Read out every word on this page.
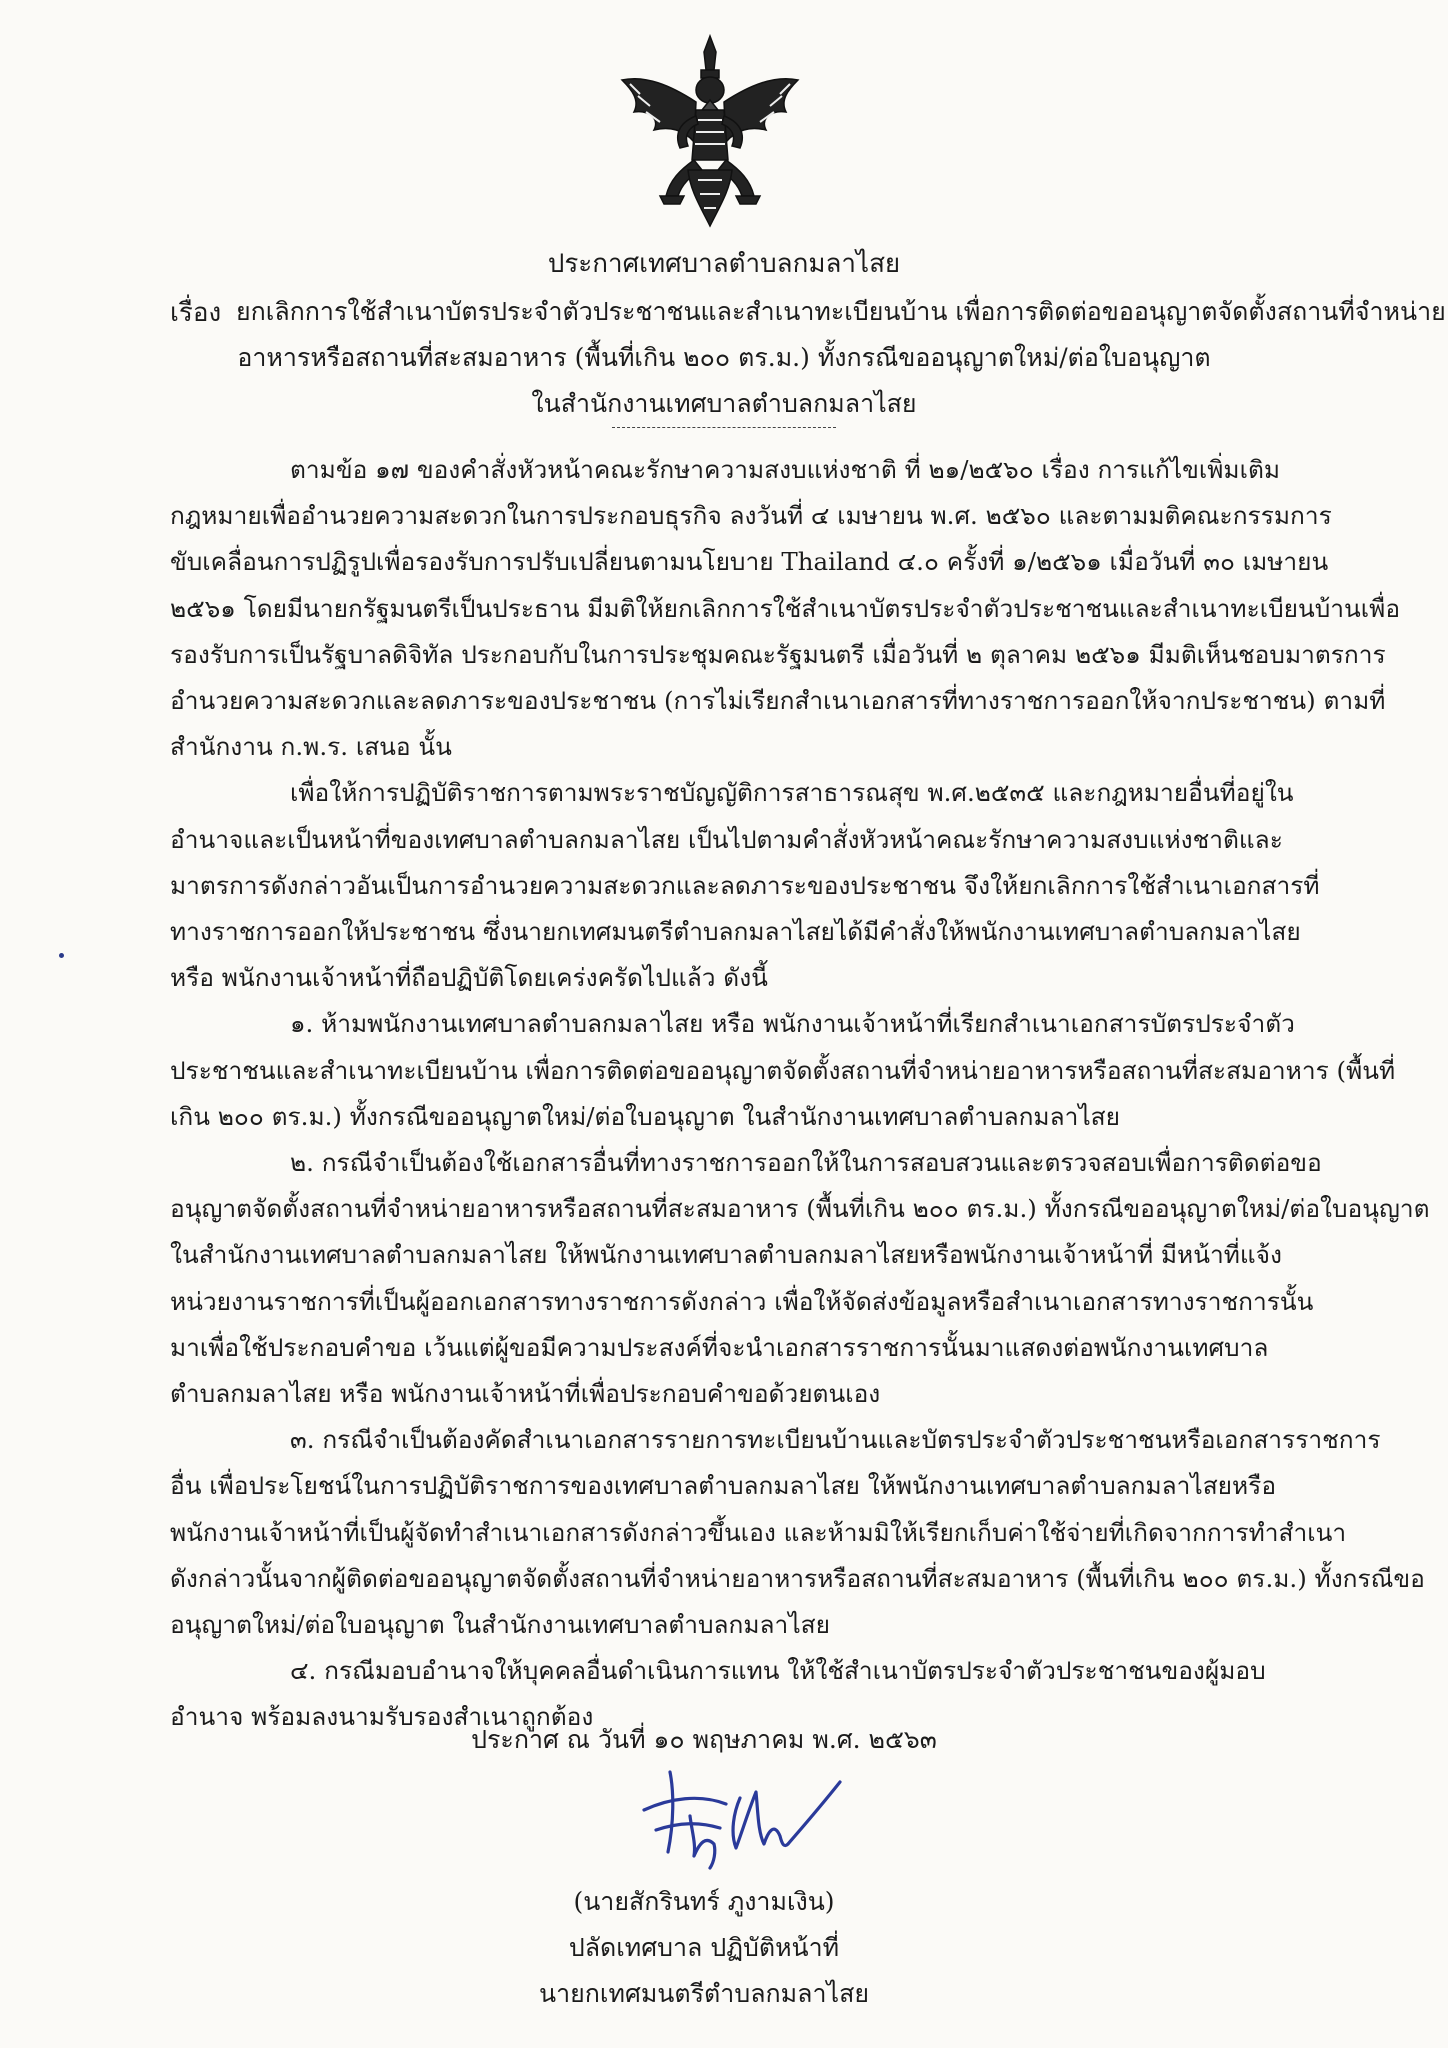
ประกาศเทศบาลตำบลกมลาไสย
เรื่อง ยกเลิกการใช้สำเนาบัตรประจำตัวประชาชนและสำเนาทะเบียนบ้าน เพื่อการติดต่อขออนุญาตจัดตั้งสถานที่จำหน่าย
อาหารหรือสถานที่สะสมอาหาร (พื้นที่เกิน ๒๐๐ ตร.ม.) ทั้งกรณีขออนุญาตใหม่/ต่อใบอนุญาต
ในสำนักงานเทศบาลตำบลกมลาไสย
ตามข้อ ๑๗ ของคำสั่งหัวหน้าคณะรักษาความสงบแห่งชาติ ที่ ๒๑/๒๕๖๐ เรื่อง การแก้ไขเพิ่มเติม
กฎหมายเพื่ออำนวยความสะดวกในการประกอบธุรกิจ ลงวันที่ ๔ เมษายน พ.ศ. ๒๕๖๐ และตามมติคณะกรรมการ
ขับเคลื่อนการปฏิรูปเพื่อรองรับการปรับเปลี่ยนตามนโยบาย Thailand ๔.๐ ครั้งที่ ๑/๒๕๖๑ เมื่อวันที่ ๓๐ เมษายน
๒๕๖๑ โดยมีนายกรัฐมนตรีเป็นประธาน มีมติให้ยกเลิกการใช้สำเนาบัตรประจำตัวประชาชนและสำเนาทะเบียนบ้านเพื่อ
รองรับการเป็นรัฐบาลดิจิทัล ประกอบกับในการประชุมคณะรัฐมนตรี เมื่อวันที่ ๒ ตุลาคม ๒๕๖๑ มีมติเห็นชอบมาตรการ
อำนวยความสะดวกและลดภาระของประชาชน (การไม่เรียกสำเนาเอกสารที่ทางราชการออกให้จากประชาชน) ตามที่
สำนักงาน ก.พ.ร. เสนอ นั้น
เพื่อให้การปฏิบัติราชการตามพระราชบัญญัติการสาธารณสุข พ.ศ.๒๕๓๕ และกฎหมายอื่นที่อยู่ใน
อำนาจและเป็นหน้าที่ของเทศบาลตำบลกมลาไสย เป็นไปตามคำสั่งหัวหน้าคณะรักษาความสงบแห่งชาติและ
มาตรการดังกล่าวอันเป็นการอำนวยความสะดวกและลดภาระของประชาชน จึงให้ยกเลิกการใช้สำเนาเอกสารที่
ทางราชการออกให้ประชาชน ซึ่งนายกเทศมนตรีตำบลกมลาไสยได้มีคำสั่งให้พนักงานเทศบาลตำบลกมลาไสย
หรือ พนักงานเจ้าหน้าที่ถือปฏิบัติโดยเคร่งครัดไปแล้ว ดังนี้
๑. ห้ามพนักงานเทศบาลตำบลกมลาไสย หรือ พนักงานเจ้าหน้าที่เรียกสำเนาเอกสารบัตรประจำตัว
ประชาชนและสำเนาทะเบียนบ้าน เพื่อการติดต่อขออนุญาตจัดตั้งสถานที่จำหน่ายอาหารหรือสถานที่สะสมอาหาร (พื้นที่
เกิน ๒๐๐ ตร.ม.) ทั้งกรณีขออนุญาตใหม่/ต่อใบอนุญาต ในสำนักงานเทศบาลตำบลกมลาไสย
๒. กรณีจำเป็นต้องใช้เอกสารอื่นที่ทางราชการออกให้ในการสอบสวนและตรวจสอบเพื่อการติดต่อขอ
อนุญาตจัดตั้งสถานที่จำหน่ายอาหารหรือสถานที่สะสมอาหาร (พื้นที่เกิน ๒๐๐ ตร.ม.) ทั้งกรณีขออนุญาตใหม่/ต่อใบอนุญาต
ในสำนักงานเทศบาลตำบลกมลาไสย ให้พนักงานเทศบาลตำบลกมลาไสยหรือพนักงานเจ้าหน้าที่ มีหน้าที่แจ้ง
หน่วยงานราชการที่เป็นผู้ออกเอกสารทางราชการดังกล่าว เพื่อให้จัดส่งข้อมูลหรือสำเนาเอกสารทางราชการนั้น
มาเพื่อใช้ประกอบคำขอ เว้นแต่ผู้ขอมีความประสงค์ที่จะนำเอกสารราชการนั้นมาแสดงต่อพนักงานเทศบาล
ตำบลกมลาไสย หรือ พนักงานเจ้าหน้าที่เพื่อประกอบคำขอด้วยตนเอง
๓. กรณีจำเป็นต้องคัดสำเนาเอกสารรายการทะเบียนบ้านและบัตรประจำตัวประชาชนหรือเอกสารราชการ
อื่น เพื่อประโยชน์ในการปฏิบัติราชการของเทศบาลตำบลกมลาไสย ให้พนักงานเทศบาลตำบลกมลาไสยหรือ
พนักงานเจ้าหน้าที่เป็นผู้จัดทำสำเนาเอกสารดังกล่าวขึ้นเอง และห้ามมิให้เรียกเก็บค่าใช้จ่ายที่เกิดจากการทำสำเนา
ดังกล่าวนั้นจากผู้ติดต่อขออนุญาตจัดตั้งสถานที่จำหน่ายอาหารหรือสถานที่สะสมอาหาร (พื้นที่เกิน ๒๐๐ ตร.ม.) ทั้งกรณีขอ
อนุญาตใหม่/ต่อใบอนุญาต ในสำนักงานเทศบาลตำบลกมลาไสย
๔. กรณีมอบอำนาจให้บุคคลอื่นดำเนินการแทน ให้ใช้สำเนาบัตรประจำตัวประชาชนของผู้มอบ
อำนาจ พร้อมลงนามรับรองสำเนาถูกต้อง
ประกาศ ณ วันที่ ๑๐ พฤษภาคม พ.ศ. ๒๕๖๓
(นายสักรินทร์ ภูงามเงิน)
ปลัดเทศบาล ปฏิบัติหน้าที่
นายกเทศมนตรีตำบลกมลาไสย
